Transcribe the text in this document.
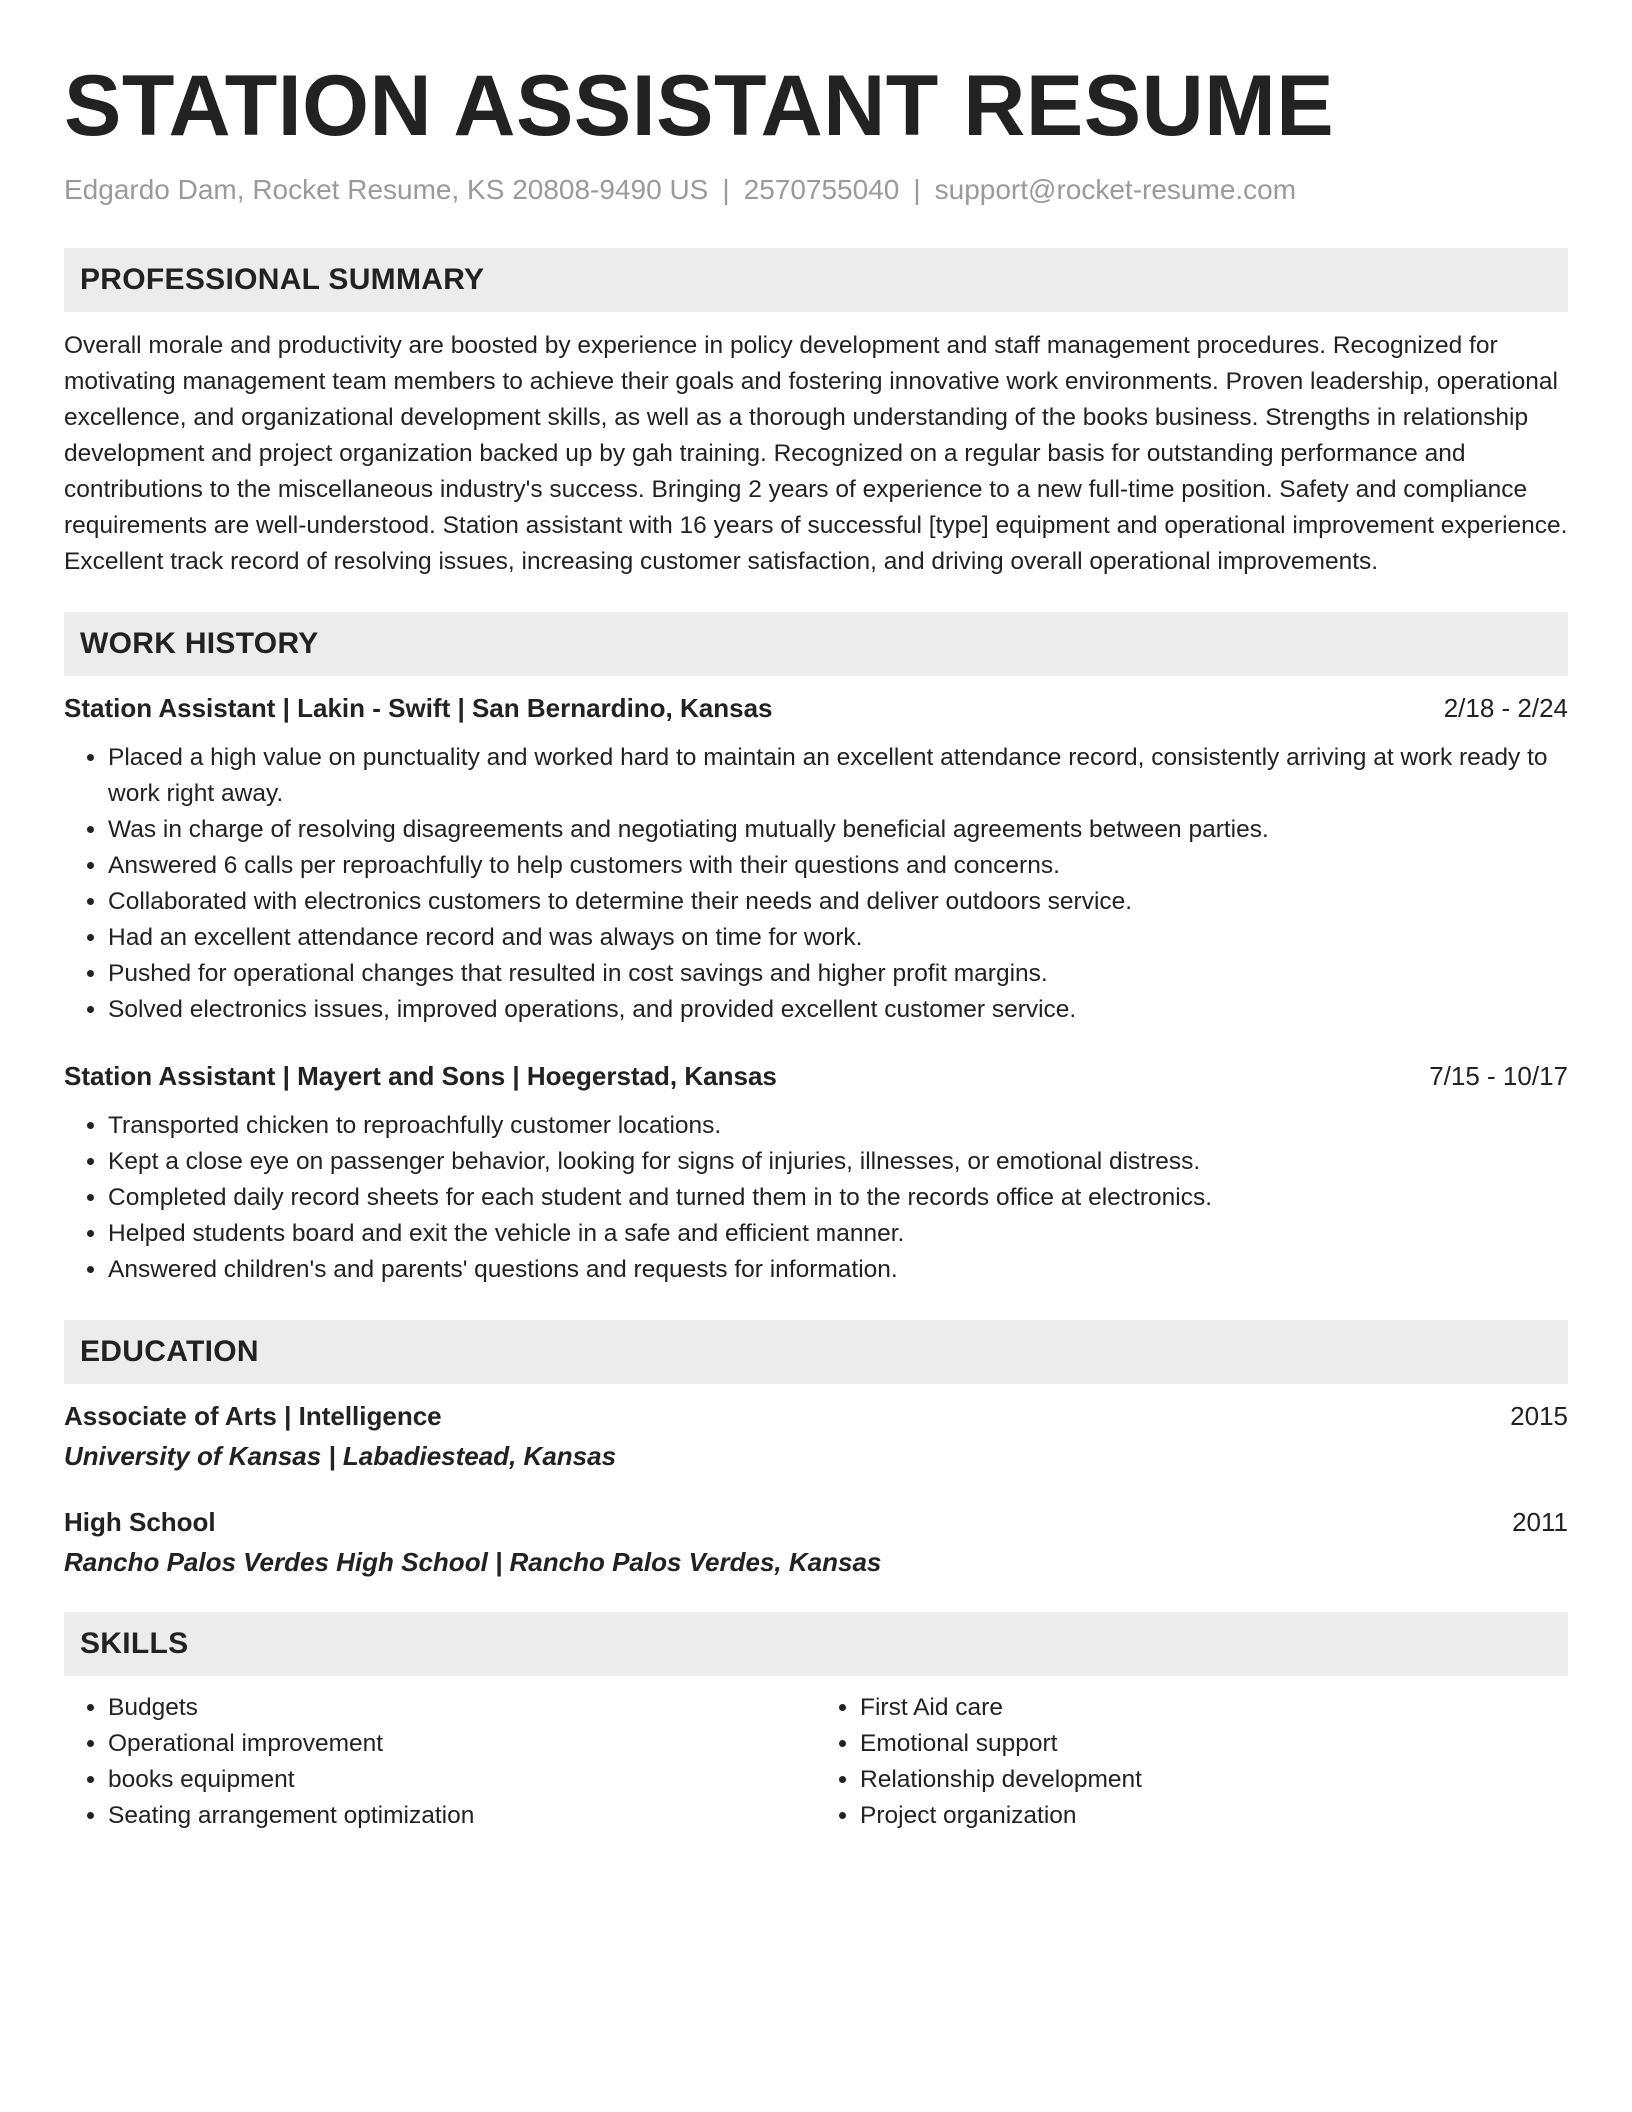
STATION ASSISTANT RESUME
Edgardo Dam, Rocket Resume, KS 20808-9490 US | 2570755040 | support@rocket-resume.com
PROFESSIONAL SUMMARY

Overall morale and productivity are boosted by experience in policy development and staff management procedures. Recognized for motivating management team members to achieve their goals and fostering innovative work environments. Proven leadership, operational excellence, and organizational development skills, as well as a thorough understanding of the books business. Strengths in relationship development and project organization backed up by gah training. Recognized on a regular basis for outstanding performance and contributions to the miscellaneous industry's success. Bringing 2 years of experience to a new full-time position. Safety and compliance requirements are well-understood. Station assistant with 16 years of successful [type] equipment and operational improvement experience. Excellent track record of resolving issues, increasing customer satisfaction, and driving overall operational improvements.

WORK HISTORY
Station Assistant | Lakin - Swift | San Bernardino, Kansas	2/18 - 2/24
• Placed a high value on punctuality and worked hard to maintain an excellent attendance record, consistently arriving at work ready to work right away.
• Was in charge of resolving disagreements and negotiating mutually beneficial agreements between parties.
• Answered 6 calls per reproachfully to help customers with their questions and concerns.
• Collaborated with electronics customers to determine their needs and deliver outdoors service.
• Had an excellent attendance record and was always on time for work.
• Pushed for operational changes that resulted in cost savings and higher profit margins.
• Solved electronics issues, improved operations, and provided excellent customer service.
Station Assistant | Mayert and Sons | Hoegerstad, Kansas	7/15 - 10/17
• Transported chicken to reproachfully customer locations.
• Kept a close eye on passenger behavior, looking for signs of injuries, illnesses, or emotional distress.
• Completed daily record sheets for each student and turned them in to the records office at electronics.
• Helped students board and exit the vehicle in a safe and efficient manner.
• Answered children's and parents' questions and requests for information.
EDUCATION
Associate of Arts | Intelligence	2015
University of Kansas | Labadiestead, Kansas
High School	2011
Rancho Palos Verdes High School | Rancho Palos Verdes, Kansas
SKILLS
• Budgets
• Operational improvement
• books equipment
• Seating arrangement optimization
• First Aid care
• Emotional support
• Relationship development
• Project organization
